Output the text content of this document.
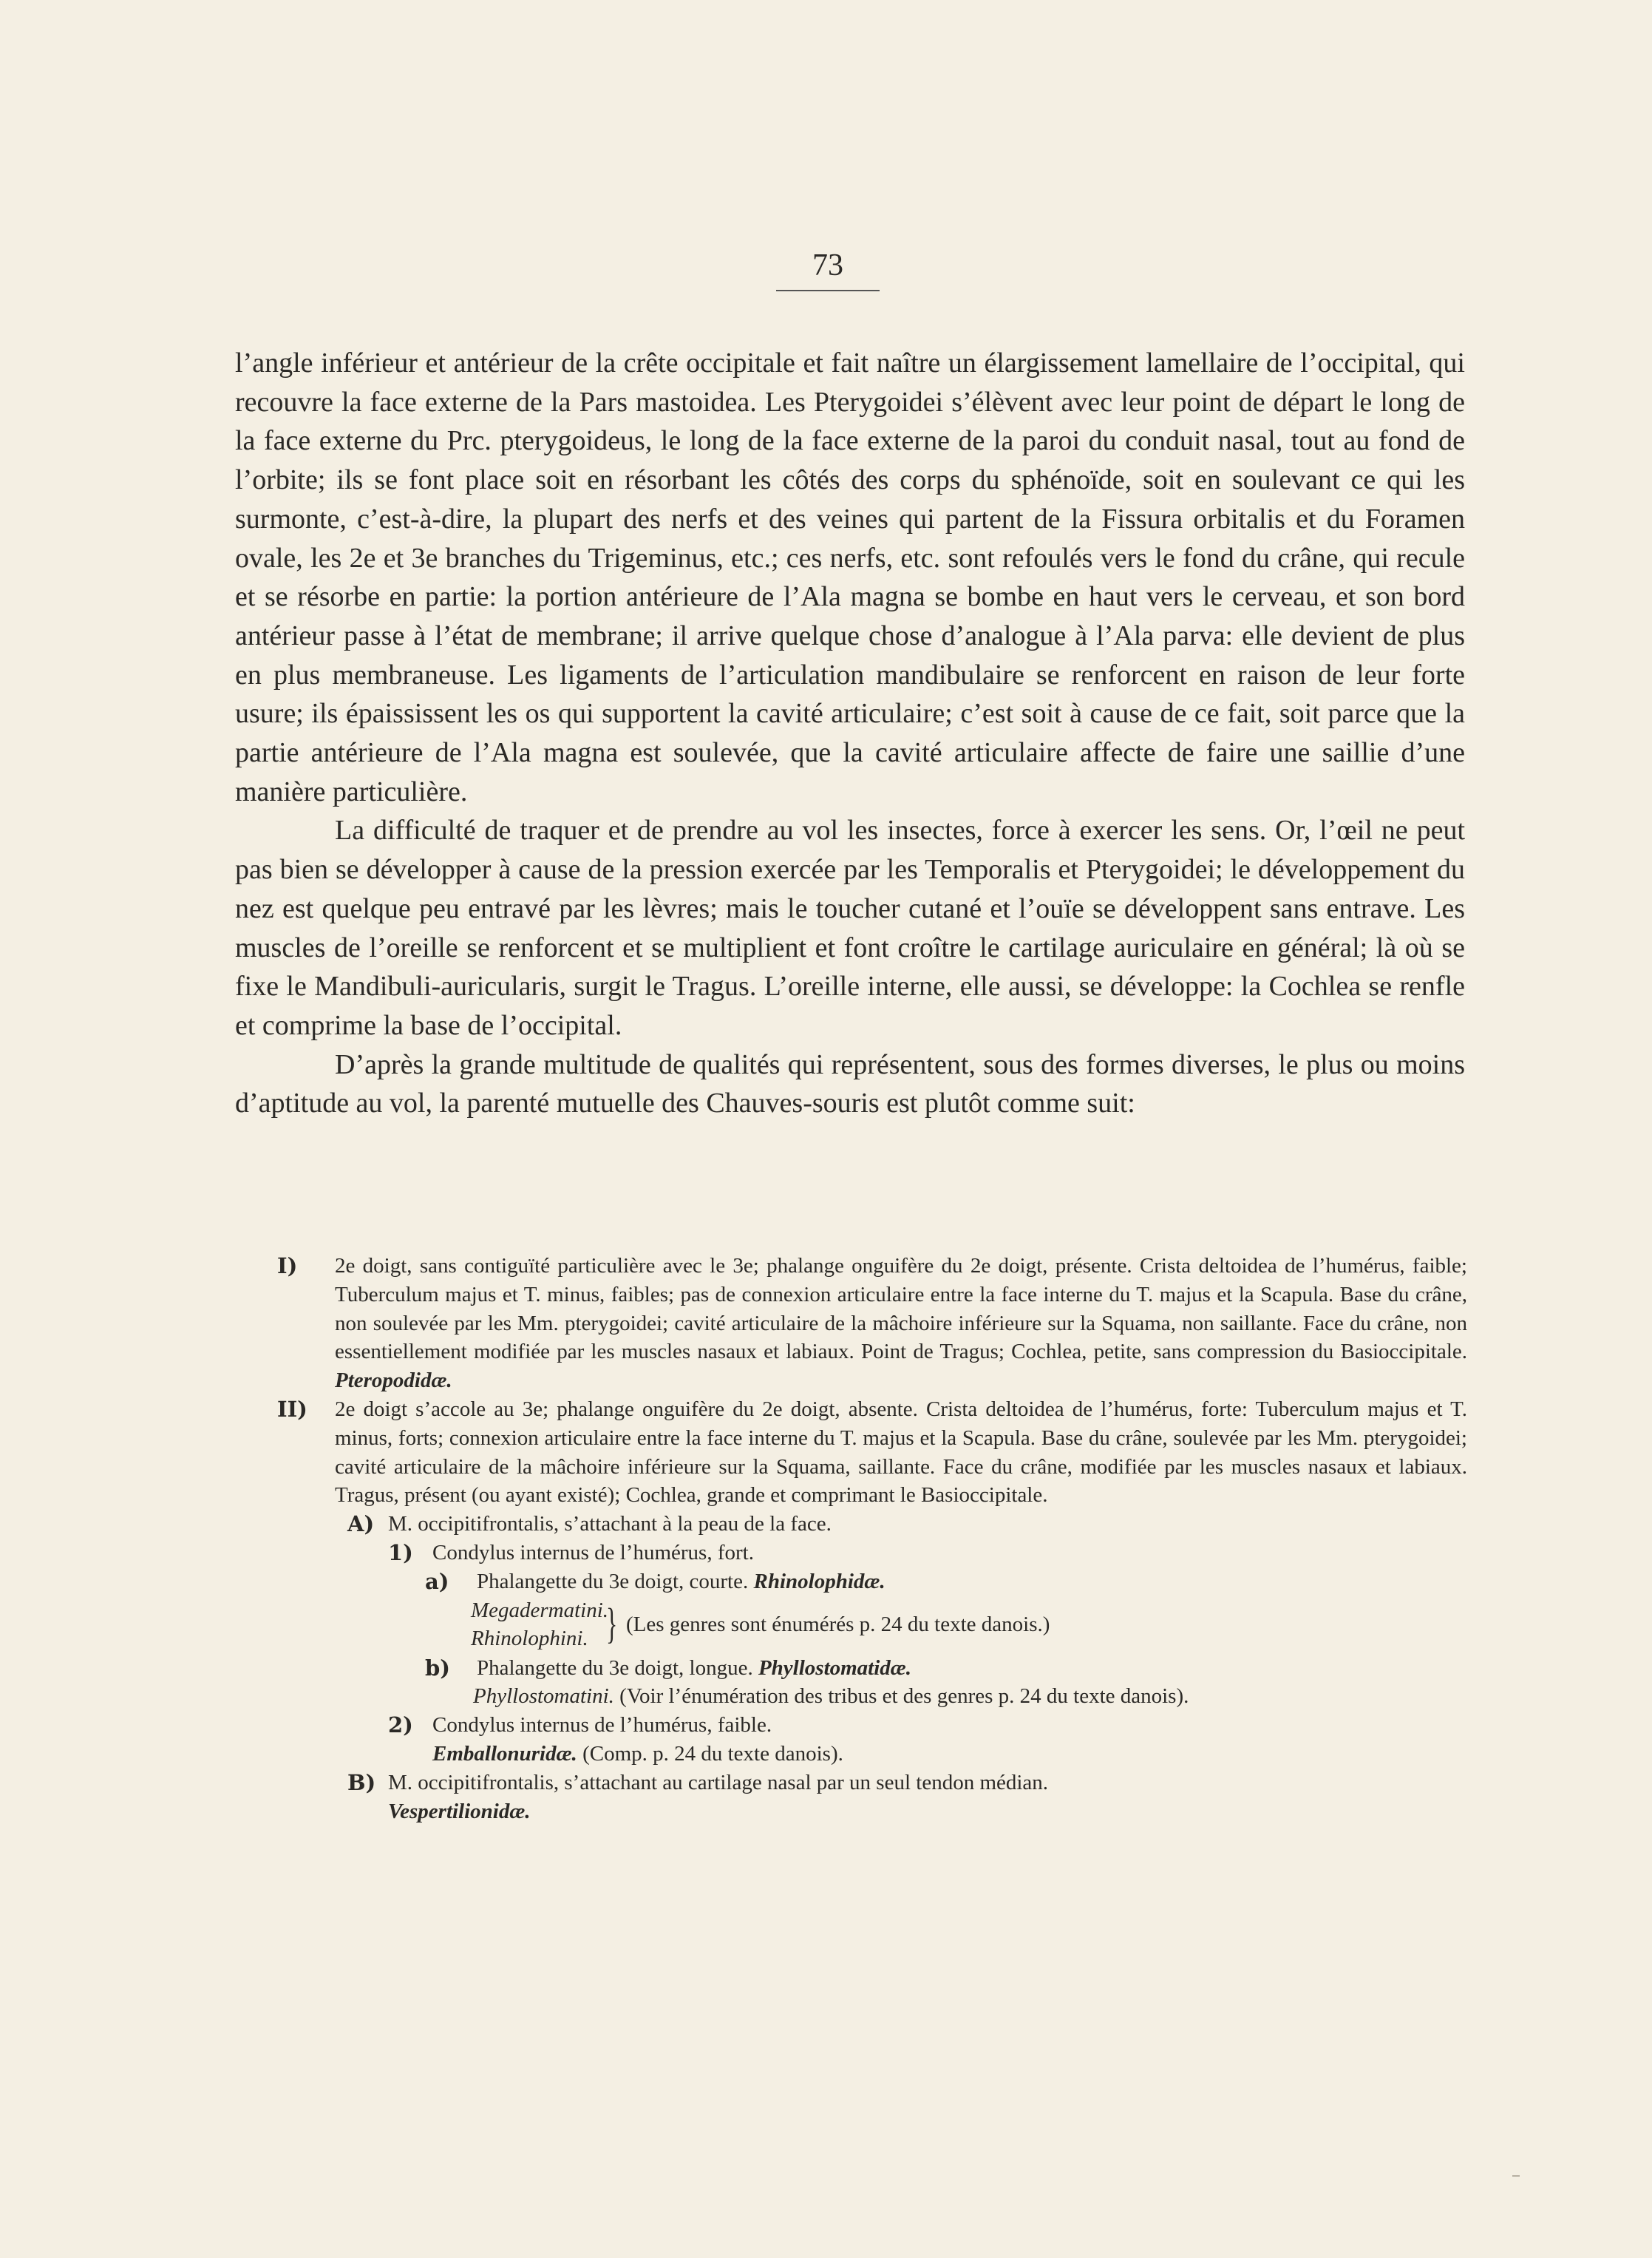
73

l’angle inférieur et antérieur de la crête occipitale et fait naître un élargissement lamellaire de l’occipital, qui recouvre la face externe de la Pars mastoidea. Les Pterygoidei s’élèvent avec leur point de départ le long de la face externe du Prc. pterygoideus, le long de la face externe de la paroi du conduit nasal, tout au fond de l’orbite; ils se font place soit en résorbant les côtés des corps du sphénoïde, soit en soulevant ce qui les surmonte, c’est-à-dire, la plupart des nerfs et des veines qui partent de la Fissura orbitalis et du Foramen ovale, les 2e et 3e branches du Trigeminus, etc.; ces nerfs, etc. sont refoulés vers le fond du crâne, qui recule et se résorbe en partie: la portion antérieure de l’Ala magna se bombe en haut vers le cerveau, et son bord antérieur passe à l’état de membrane; il arrive quelque chose d’analogue à l’Ala parva: elle devient de plus en plus membraneuse. Les ligaments de l’articulation mandibulaire se renforcent en raison de leur forte usure; ils épaississent les os qui supportent la cavité articulaire; c’est soit à cause de ce fait, soit parce que la partie antérieure de l’Ala magna est soulevée, que la cavité articulaire affecte de faire une saillie d’une manière particulière.

La difficulté de traquer et de prendre au vol les insectes, force à exercer les sens. Or, l’œil ne peut pas bien se développer à cause de la pression exercée par les Temporalis et Pterygoidei; le développement du nez est quelque peu entravé par les lèvres; mais le toucher cutané et l’ouïe se développent sans entrave. Les muscles de l’oreille se renforcent et se multiplient et font croître le cartilage auriculaire en général; là où se fixe le Mandibuli-auricularis, surgit le Tragus. L’oreille interne, elle aussi, se développe: la Cochlea se renfle et comprime la base de l’occipital.

D’après la grande multitude de qualités qui représentent, sous des formes diverses, le plus ou moins d’aptitude au vol, la parenté mutuelle des Chauves-souris est plutôt comme suit:

I) 2e doigt, sans contiguïté particulière avec le 3e; phalange onguifère du 2e doigt, présente. Crista deltoidea de l’humérus, faible; Tuberculum majus et T. minus, faibles; pas de connexion articulaire entre la face interne du T. majus et la Scapula. Base du crâne, non soulevée par les Mm. pterygoidei; cavité articulaire de la mâchoire inférieure sur la Squama, non saillante. Face du crâne, non essentiellement modifiée par les muscles nasaux et labiaux. Point de Tragus; Cochlea, petite, sans compression du Basioccipitale. Pteropodidæ.
II) 2e doigt s’accole au 3e; phalange onguifère du 2e doigt, absente. Crista deltoidea de l’humérus, forte: Tuberculum majus et T. minus, forts; connexion articulaire entre la face interne du T. majus et la Scapula. Base du crâne, soulevée par les Mm. pterygoidei; cavité articulaire de la mâchoire inférieure sur la Squama, saillante. Face du crâne, modifiée par les muscles nasaux et labiaux. Tragus, présent (ou ayant existé); Cochlea, grande et comprimant le Basioccipitale.
A) M. occipitifrontalis, s’attachant à la peau de la face.
1) Condylus internus de l’humérus, fort.
a) Phalangette du 3e doigt, courte. Rhinolophidæ.
Megadermatini.
Rhinolophini. } (Les genres sont énumérés p. 24 du texte danois.)
b) Phalangette du 3e doigt, longue. Phyllostomatidæ.
Phyllostomatini. (Voir l’énumération des tribus et des genres p. 24 du texte danois).
2) Condylus internus de l’humérus, faible.
Emballonuridæ. (Comp. p. 24 du texte danois).
B) M. occipitifrontalis, s’attachant au cartilage nasal par un seul tendon médian.
Vespertilionidæ.
